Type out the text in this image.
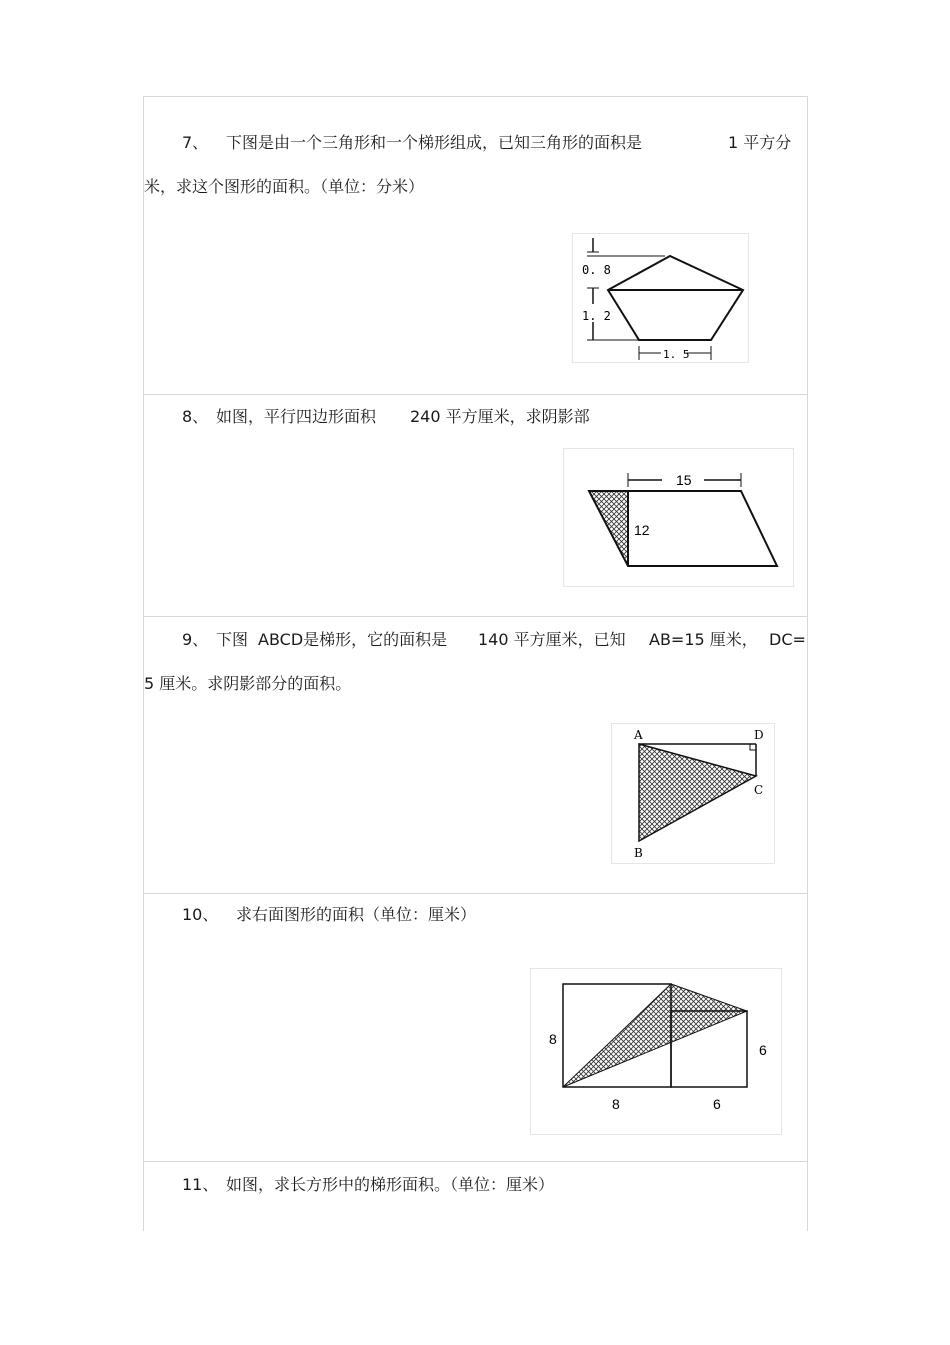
7、 下图是由一个三角形和一个梯形组成，已知三角形的面积是	1 平方分
米，求这个图形的面积。（单位：分米）
0. 8
1. 2
1. 5
8、 如图，平行四边形面积 240 平方厘米，求阴影部
15
12
9、 下图 ABCD是梯形，它的面积是 140 平方厘米，已知 AB=15 厘米， DC=
5 厘米。求阴影部分的面积。
A	D
C
B
10、 求右面图形的面积（单位：厘米）
8
6
8	6
11、 如图，求长方形中的梯形面积。（单位：厘米）
